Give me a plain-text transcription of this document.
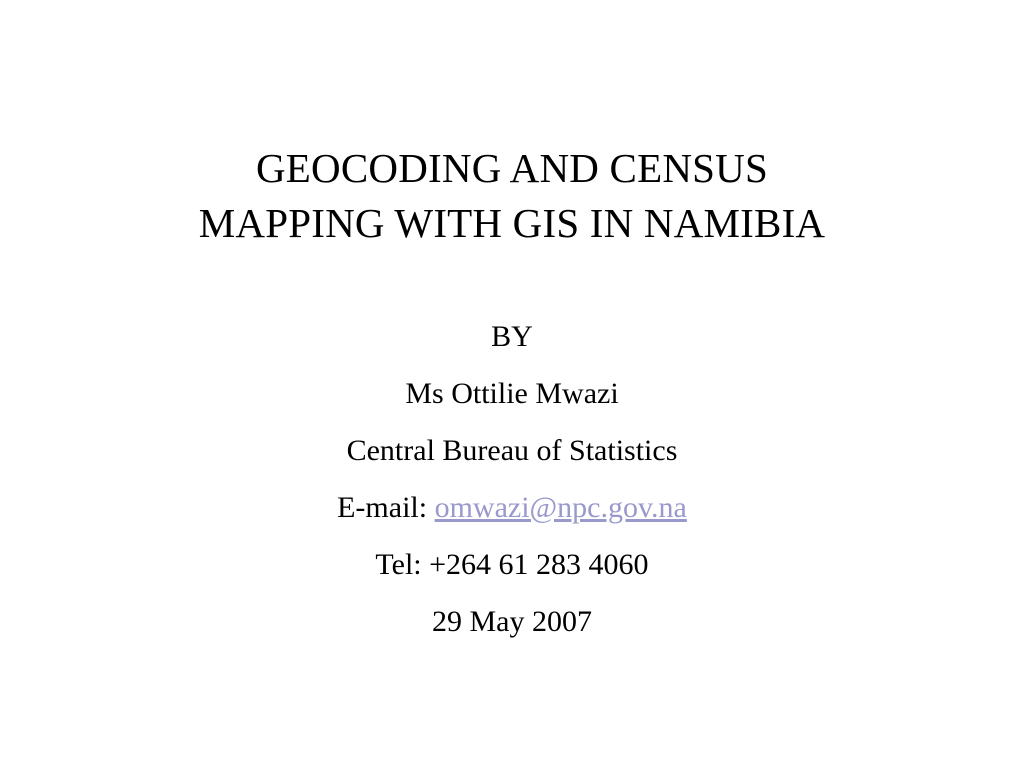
GEOCODING AND CENSUS
MAPPING WITH GIS IN NAMIBIA
BY
Ms Ottilie Mwazi
Central Bureau of Statistics
E-mail: omwazi@npc.gov.na
Tel: +264 61 283 4060
29 May 2007
